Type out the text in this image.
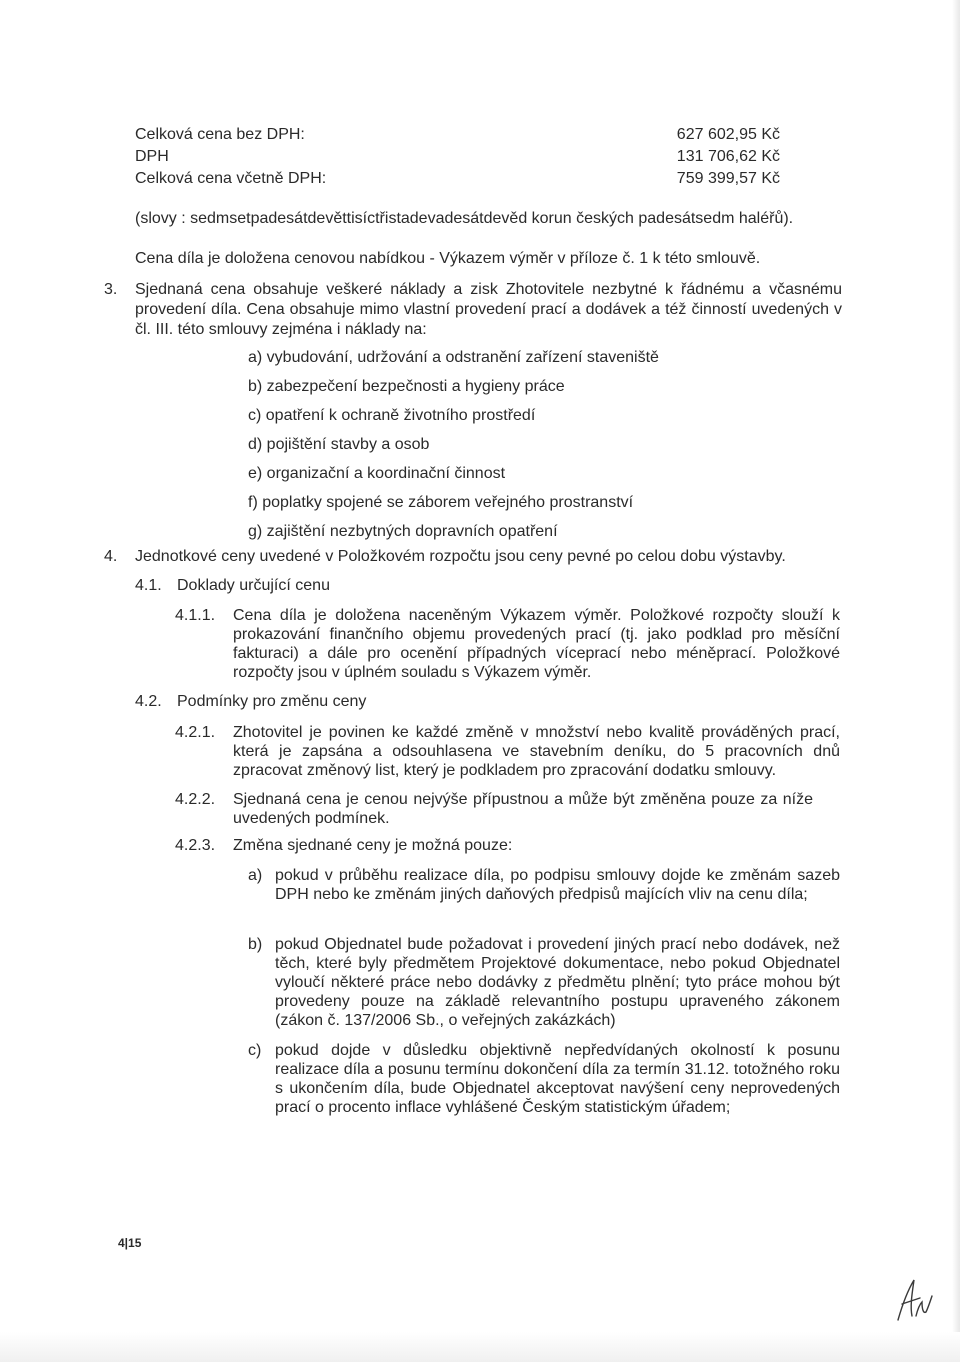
Celková cena bez DPH:	627 602,95 Kč
DPH	131 706,62 Kč
Celková cena včetně DPH:	759 399,57 Kč
(slovy : sedmsetpadesátdevěttisíctřistadevadesátdevěd korun českých padesátsedm haléřů).
Cena díla je doložena cenovou nabídkou - Výkazem výměr v příloze č. 1 k této smlouvě.
3. Sjednaná cena obsahuje veškeré náklady a zisk Zhotovitele nezbytné k řádnému a včasnému provedení díla. Cena obsahuje mimo vlastní provedení prací a dodávek a též činností uvedených v čl. III. této smlouvy zejména i náklady na:
a) vybudování, udržování a odstranění zařízení staveniště
b) zabezpečení bezpečnosti a hygieny práce
c) opatření k ochraně životního prostředí
d) pojištění stavby a osob
e) organizační a koordinační činnost
f) poplatky spojené se záborem veřejného prostranství
g) zajištění nezbytných dopravních opatření
4. Jednotkové ceny uvedené v Položkovém rozpočtu jsou ceny pevné po celou dobu výstavby.
4.1. Doklady určující cenu
4.1.1. Cena díla je doložena naceněným Výkazem výměr. Položkové rozpočty slouží k prokazování finančního objemu provedených prací (tj. jako podklad pro měsíční fakturaci) a dále pro ocenění případných víceprací nebo méněprací. Položkové rozpočty jsou v úplném souladu s Výkazem výměr.
4.2. Podmínky pro změnu ceny
4.2.1. Zhotovitel je povinen ke každé změně v množství nebo kvalitě prováděných prací, která je zapsána a odsouhlasena ve stavebním deníku, do 5 pracovních dnů zpracovat změnový list, který je podkladem pro zpracování dodatku smlouvy.
4.2.2. Sjednaná cena je cenou nejvýše přípustnou a může být změněna pouze za níže uvedených podmínek.
4.2.3. Změna sjednané ceny je možná pouze:
a) pokud v průběhu realizace díla, po podpisu smlouvy dojde ke změnám sazeb DPH nebo ke změnám jiných daňových předpisů majících vliv na cenu díla;
b) pokud Objednatel bude požadovat i provedení jiných prací nebo dodávek, než těch, které byly předmětem Projektové dokumentace, nebo pokud Objednatel vyloučí některé práce nebo dodávky z předmětu plnění; tyto práce mohou být provedeny pouze na základě relevantního postupu upraveného zákonem (zákon č. 137/2006 Sb., o veřejných zakázkách)
c) pokud dojde v důsledku objektivně nepředvídaných okolností k posunu realizace díla a posunu termínu dokončení díla za termín 31.12. totožného roku s ukončením díla, bude Objednatel akceptovat navýšení ceny neprovedených prací o procento inflace vyhlášené Českým statistickým úřadem;
4|15
